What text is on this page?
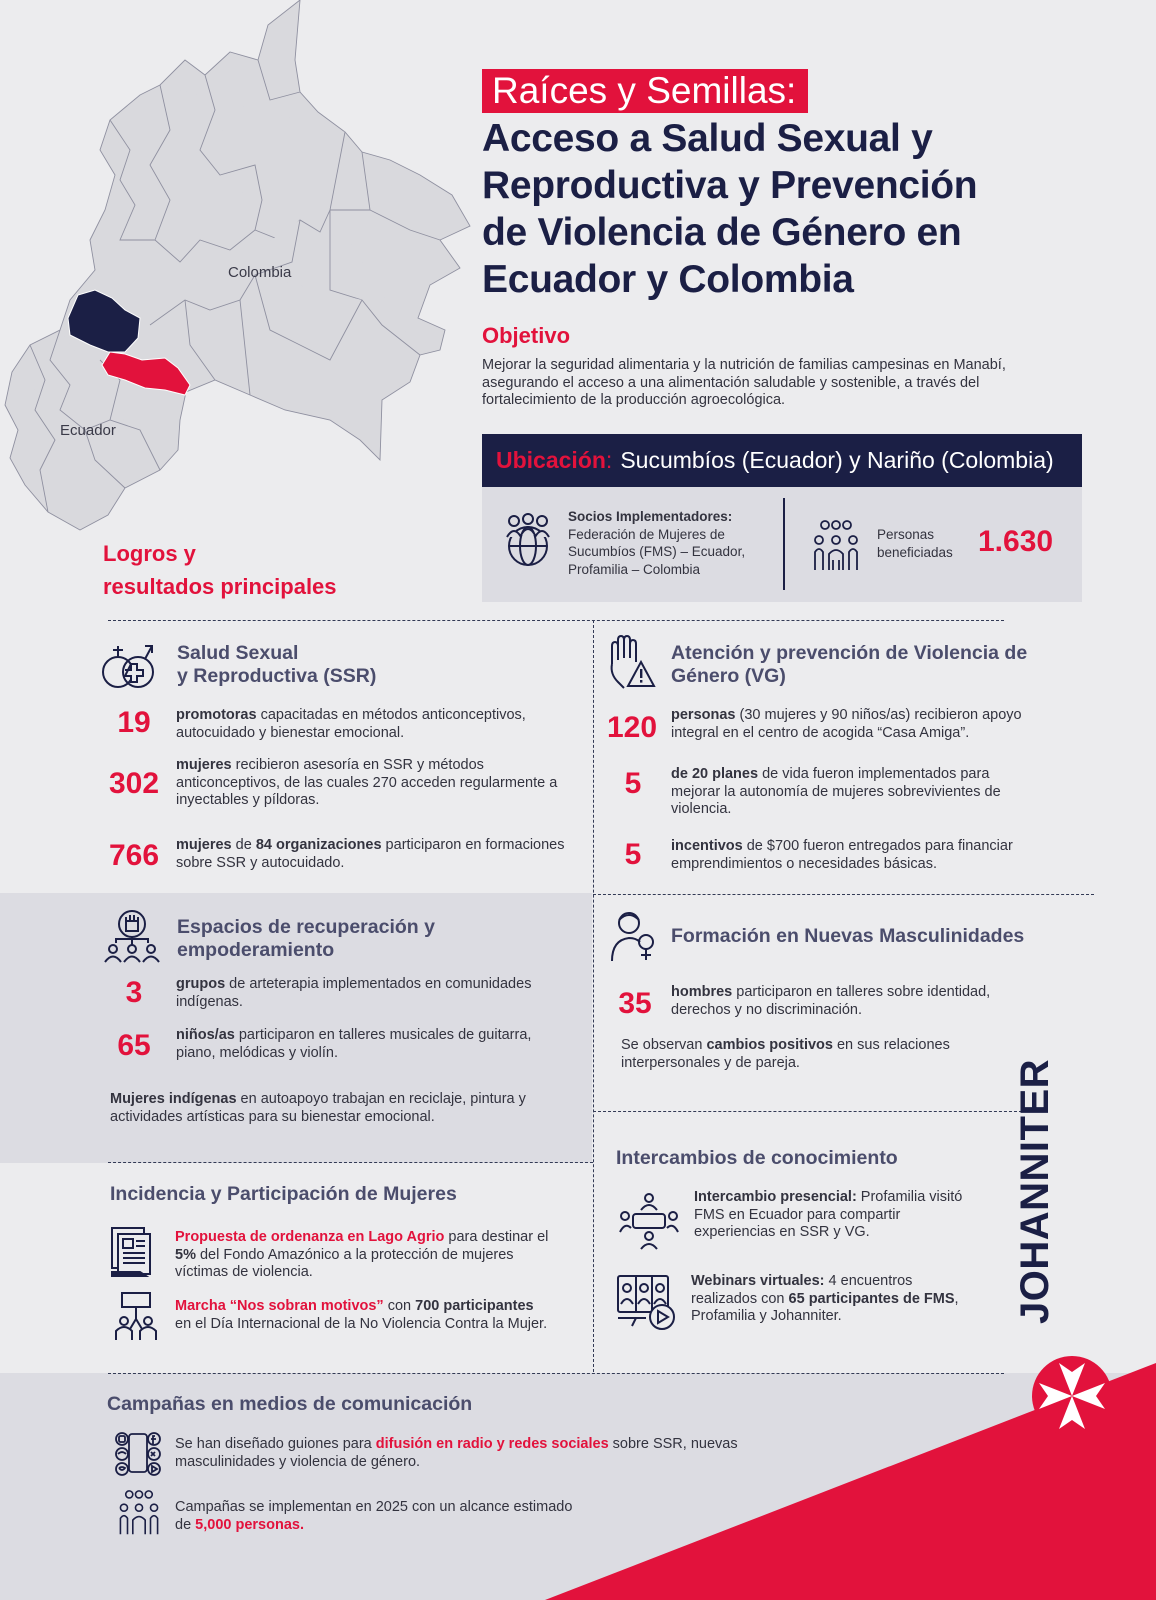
Colombia
Ecuador
Raíces y Semillas:
Acceso a Salud Sexual y
Reproductiva y Prevención
de Violencia de Género en
Ecuador y Colombia
Objetivo
Mejorar la seguridad alimentaria y la nutrición de familias campesinas en Manabí,
asegurando el acceso a una alimentación saludable y sostenible, a través del
fortalecimiento de la producción agroecológica.
Ubicación : Sucumbíos (Ecuador) y Nariño (Colombia)
Socios Implementadores:
Federación de Mujeres de
Sucumbíos (FMS) – Ecuador,
Profamilia – Colombia
Personas
beneficiadas 1.630
Logros y
resultados principales
Salud Sexual
y Reproductiva (SSR)
19	promotoras capacitadas en métodos anticonceptivos,
autocuidado y bienestar emocional.
302
mujeres recibieron asesoría en SSR y métodos
anticonceptivos, de las cuales 270 acceden regularmente a
inyectables y píldoras.
766	mujeres de 84 organizaciones participaron en formaciones
sobre SSR y autocuidado.
Atención y prevención de Violencia de
Género (VG)
120 personas (30 mujeres y 90 niños/as) recibieron apoyo
integral en el centro de acogida “Casa Amiga”.
5	de 20 planes de vida fueron implementados para
mejorar la autonomía de mujeres sobrevivientes de
violencia.
5	incentivos de $700 fueron entregados para financiar
emprendimientos o necesidades básicas.
Espacios de recuperación y
empoderamiento
3	grupos de arteterapia implementados en comunidades
indígenas.
65	niños/as participaron en talleres musicales de guitarra,
piano, melódicas y violín.
Mujeres indígenas en autoapoyo trabajan en reciclaje, pintura y
actividades artísticas para su bienestar emocional.
Formación en Nuevas Masculinidades
35	hombres participaron en talleres sobre identidad,
derechos y no discriminación.
Se observan cambios positivos en sus relaciones
interpersonales y de pareja.
Incidencia y Participación de Mujeres
Propuesta de ordenanza en Lago Agrio para destinar el
5% del Fondo Amazónico a la protección de mujeres
víctimas de violencia.
Marcha “Nos sobran motivos” con 700 participantes
en el Día Internacional de la No Violencia Contra la Mujer.
Intercambios de conocimiento
Intercambio presencial: Profamilia visitó
FMS en Ecuador para compartir
experiencias en SSR y VG.
Webinars virtuales: 4 encuentros
realizados con 65 participantes de FMS,
Profamilia y Johanniter.	JOHANNITER
Campañas en medios de comunicación
Se han diseñado guiones para difusión en radio y redes sociales sobre SSR, nuevas
masculinidades y violencia de género.
Campañas se implementan en 2025 con un alcance estimado
de 5,000 personas.
